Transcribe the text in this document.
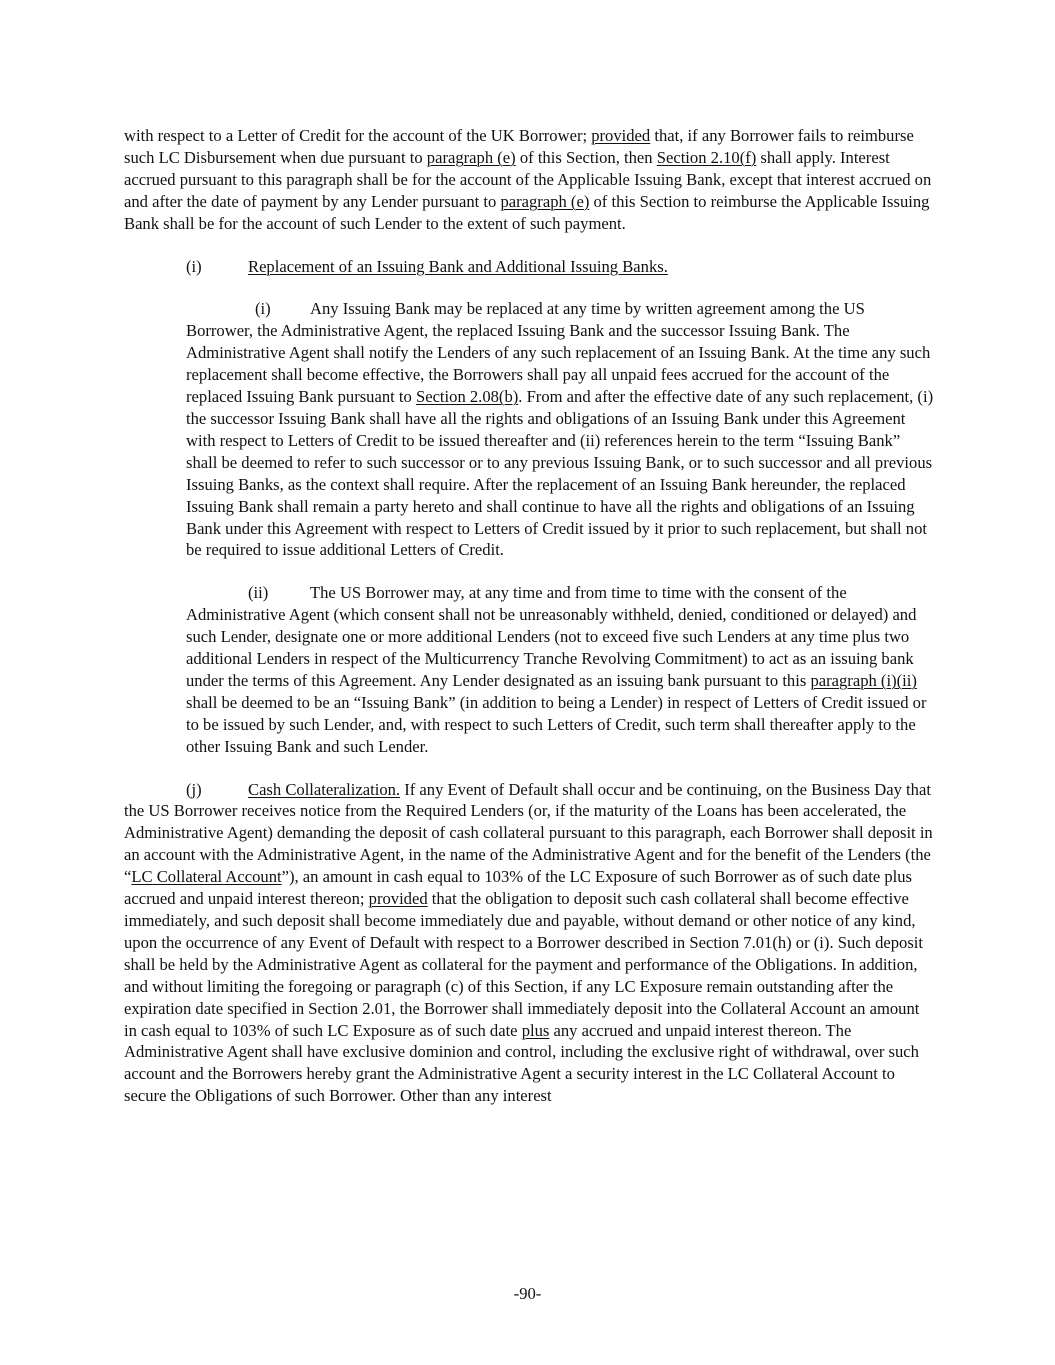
with respect to a Letter of Credit for the account of the UK Borrower; provided that, if any Borrower fails to reimburse such LC Disbursement when due pursuant to paragraph (e) of this Section, then Section 2.10(f) shall apply. Interest accrued pursuant to this paragraph shall be for the account of the Applicable Issuing Bank, except that interest accrued on and after the date of payment by any Lender pursuant to paragraph (e) of this Section to reimburse the Applicable Issuing Bank shall be for the account of such Lender to the extent of such payment.

(i)	Replacement of an Issuing Bank and Additional Issuing Banks.

(i) Any Issuing Bank may be replaced at any time by written agreement among the US Borrower, the Administrative Agent, the replaced Issuing Bank and the successor Issuing Bank. The Administrative Agent shall notify the Lenders of any such replacement of an Issuing Bank. At the time any such replacement shall become effective, the Borrowers shall pay all unpaid fees accrued for the account of the replaced Issuing Bank pursuant to Section 2.08(b). From and after the effective date of any such replacement, (i) the successor Issuing Bank shall have all the rights and obligations of an Issuing Bank under this Agreement with respect to Letters of Credit to be issued thereafter and (ii) references herein to the term “Issuing Bank” shall be deemed to refer to such successor or to any previous Issuing Bank, or to such successor and all previous Issuing Banks, as the context shall require. After the replacement of an Issuing Bank hereunder, the replaced Issuing Bank shall remain a party hereto and shall continue to have all the rights and obligations of an Issuing Bank under this Agreement with respect to Letters of Credit issued by it prior to such replacement, but shall not be required to issue additional Letters of Credit.

(ii)	The US Borrower may, at any time and from time to time with the consent of the Administrative Agent (which consent shall not be unreasonably withheld, denied, conditioned or delayed) and such Lender, designate one or more additional Lenders (not to exceed five such Lenders at any time plus two additional Lenders in respect of the Multicurrency Tranche Revolving Commitment) to act as an issuing bank under the terms of this Agreement. Any Lender designated as an issuing bank pursuant to this paragraph (i)(ii) shall be deemed to be an “Issuing Bank” (in addition to being a Lender) in respect of Letters of Credit issued or to be issued by such Lender, and, with respect to such Letters of Credit, such term shall thereafter apply to the other Issuing Bank and such Lender.

(j)	Cash Collateralization. If any Event of Default shall occur and be continuing, on the Business Day that the US Borrower receives notice from the Required Lenders (or, if the maturity of the Loans has been accelerated, the Administrative Agent) demanding the deposit of cash collateral pursuant to this paragraph, each Borrower shall deposit in an account with the Administrative Agent, in the name of the Administrative Agent and for the benefit of the Lenders (the “LC Collateral Account”), an amount in cash equal to 103% of the LC Exposure of such Borrower as of such date plus accrued and unpaid interest thereon; provided that the obligation to deposit such cash collateral shall become effective immediately, and such deposit shall become immediately due and payable, without demand or other notice of any kind, upon the occurrence of any Event of Default with respect to a Borrower described in Section 7.01(h) or (i). Such deposit shall be held by the Administrative Agent as collateral for the payment and performance of the Obligations. In addition, and without limiting the foregoing or paragraph (c) of this Section, if any LC Exposure remain outstanding after the expiration date specified in Section 2.01, the Borrower shall immediately deposit into the Collateral Account an amount in cash equal to 103% of such LC Exposure as of such date plus any accrued and unpaid interest thereon. The Administrative Agent shall have exclusive dominion and control, including the exclusive right of withdrawal, over such account and the Borrowers hereby grant the Administrative Agent a security interest in the LC Collateral Account to secure the Obligations of such Borrower. Other than any interest

-90-
